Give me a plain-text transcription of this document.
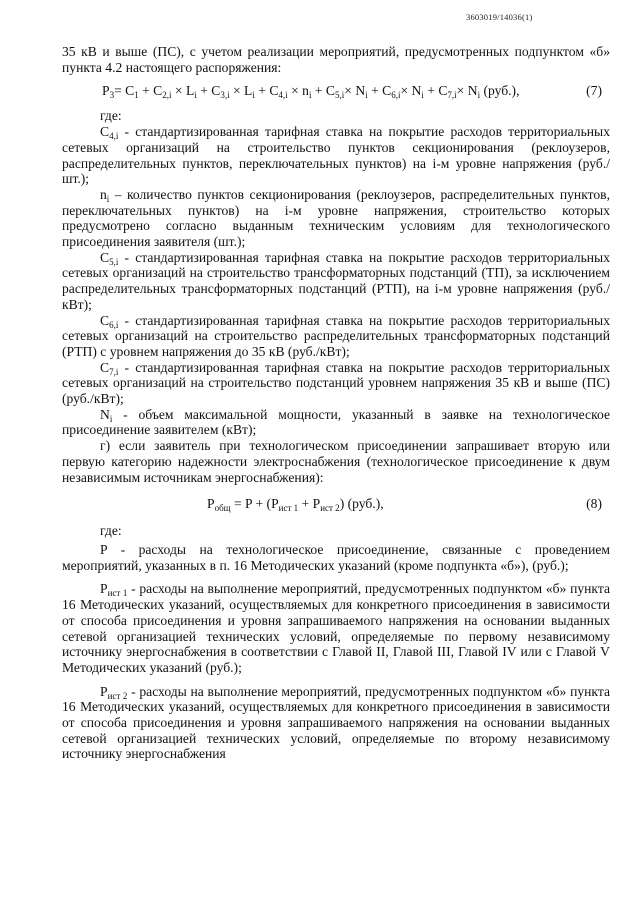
3603019/14036(1)

35 кВ и выше (ПС), с учетом реализации мероприятий, предусмотренных подпунктом «б» пункта 4.2 настоящего распоряжения:

$P_3= C_1 + C_{2,i} \times L_i + C_{3,i} \times L_i + C_{4,i} \times n_i + C_{5,i}\times N_i + C_{6,i}\times N_i + C_{7,i}\times N_i$ (руб.),	(7)

где:

$C_{4,i}$ - стандартизированная тарифная ставка на покрытие расходов территориальных сетевых организаций на строительство пунктов секционирования (реклоузеров, распределительных пунктов, переключательных пунктов) на i-м уровне напряжения (руб./шт.);

$n_i$ – количество пунктов секционирования (реклоузеров, распределительных пунктов, переключательных пунктов) на i-м уровне напряжения, строительство которых предусмотрено согласно выданным техническим условиям для технологического присоединения заявителя (шт.);

$C_{5,i}$ - стандартизированная тарифная ставка на покрытие расходов территориальных сетевых организаций на строительство трансформаторных подстанций (ТП), за исключением распределительных трансформаторных подстанций (РТП), на i-м уровне напряжения (руб./кВт);

$C_{6,i}$ - стандартизированная тарифная ставка на покрытие расходов территориальных сетевых организаций на строительство распределительных трансформаторных подстанций (РТП) с уровнем напряжения до 35 кВ (руб./кВт);

$C_{7,i}$ - стандартизированная тарифная ставка на покрытие расходов территориальных сетевых организаций на строительство подстанций уровнем напряжения 35 кВ и выше (ПС) (руб./кВт);

$N_i$ - объем максимальной мощности, указанный в заявке на технологическое присоединение заявителем (кВт);

г) если заявитель при технологическом присоединении запрашивает вторую или первую категорию надежности электроснабжения (технологическое присоединение к двум независимым источникам энергоснабжения):

$P_{общ} = P + (P_{ист 1} + P_{ист 2})$ (руб.),	(8)

где:

P - расходы на технологическое присоединение, связанные с проведением мероприятий, указанных в п. 16 Методических указаний (кроме подпункта «б»), (руб.);

$P_{ист 1}$ - расходы на выполнение мероприятий, предусмотренных подпунктом «б» пункта 16 Методических указаний, осуществляемых для конкретного присоединения в зависимости от способа присоединения и уровня запрашиваемого напряжения на основании выданных сетевой организацией технических условий, определяемые по первому независимому источнику энергоснабжения в соответствии с Главой II, Главой III, Главой IV или с Главой V Методических указаний (руб.);

$P_{ист 2}$ - расходы на выполнение мероприятий, предусмотренных подпунктом «б» пункта 16 Методических указаний, осуществляемых для конкретного присоединения в зависимости от способа присоединения и уровня запрашиваемого напряжения на основании выданных сетевой организацией технических условий, определяемые по второму независимому источнику энергоснабжения
